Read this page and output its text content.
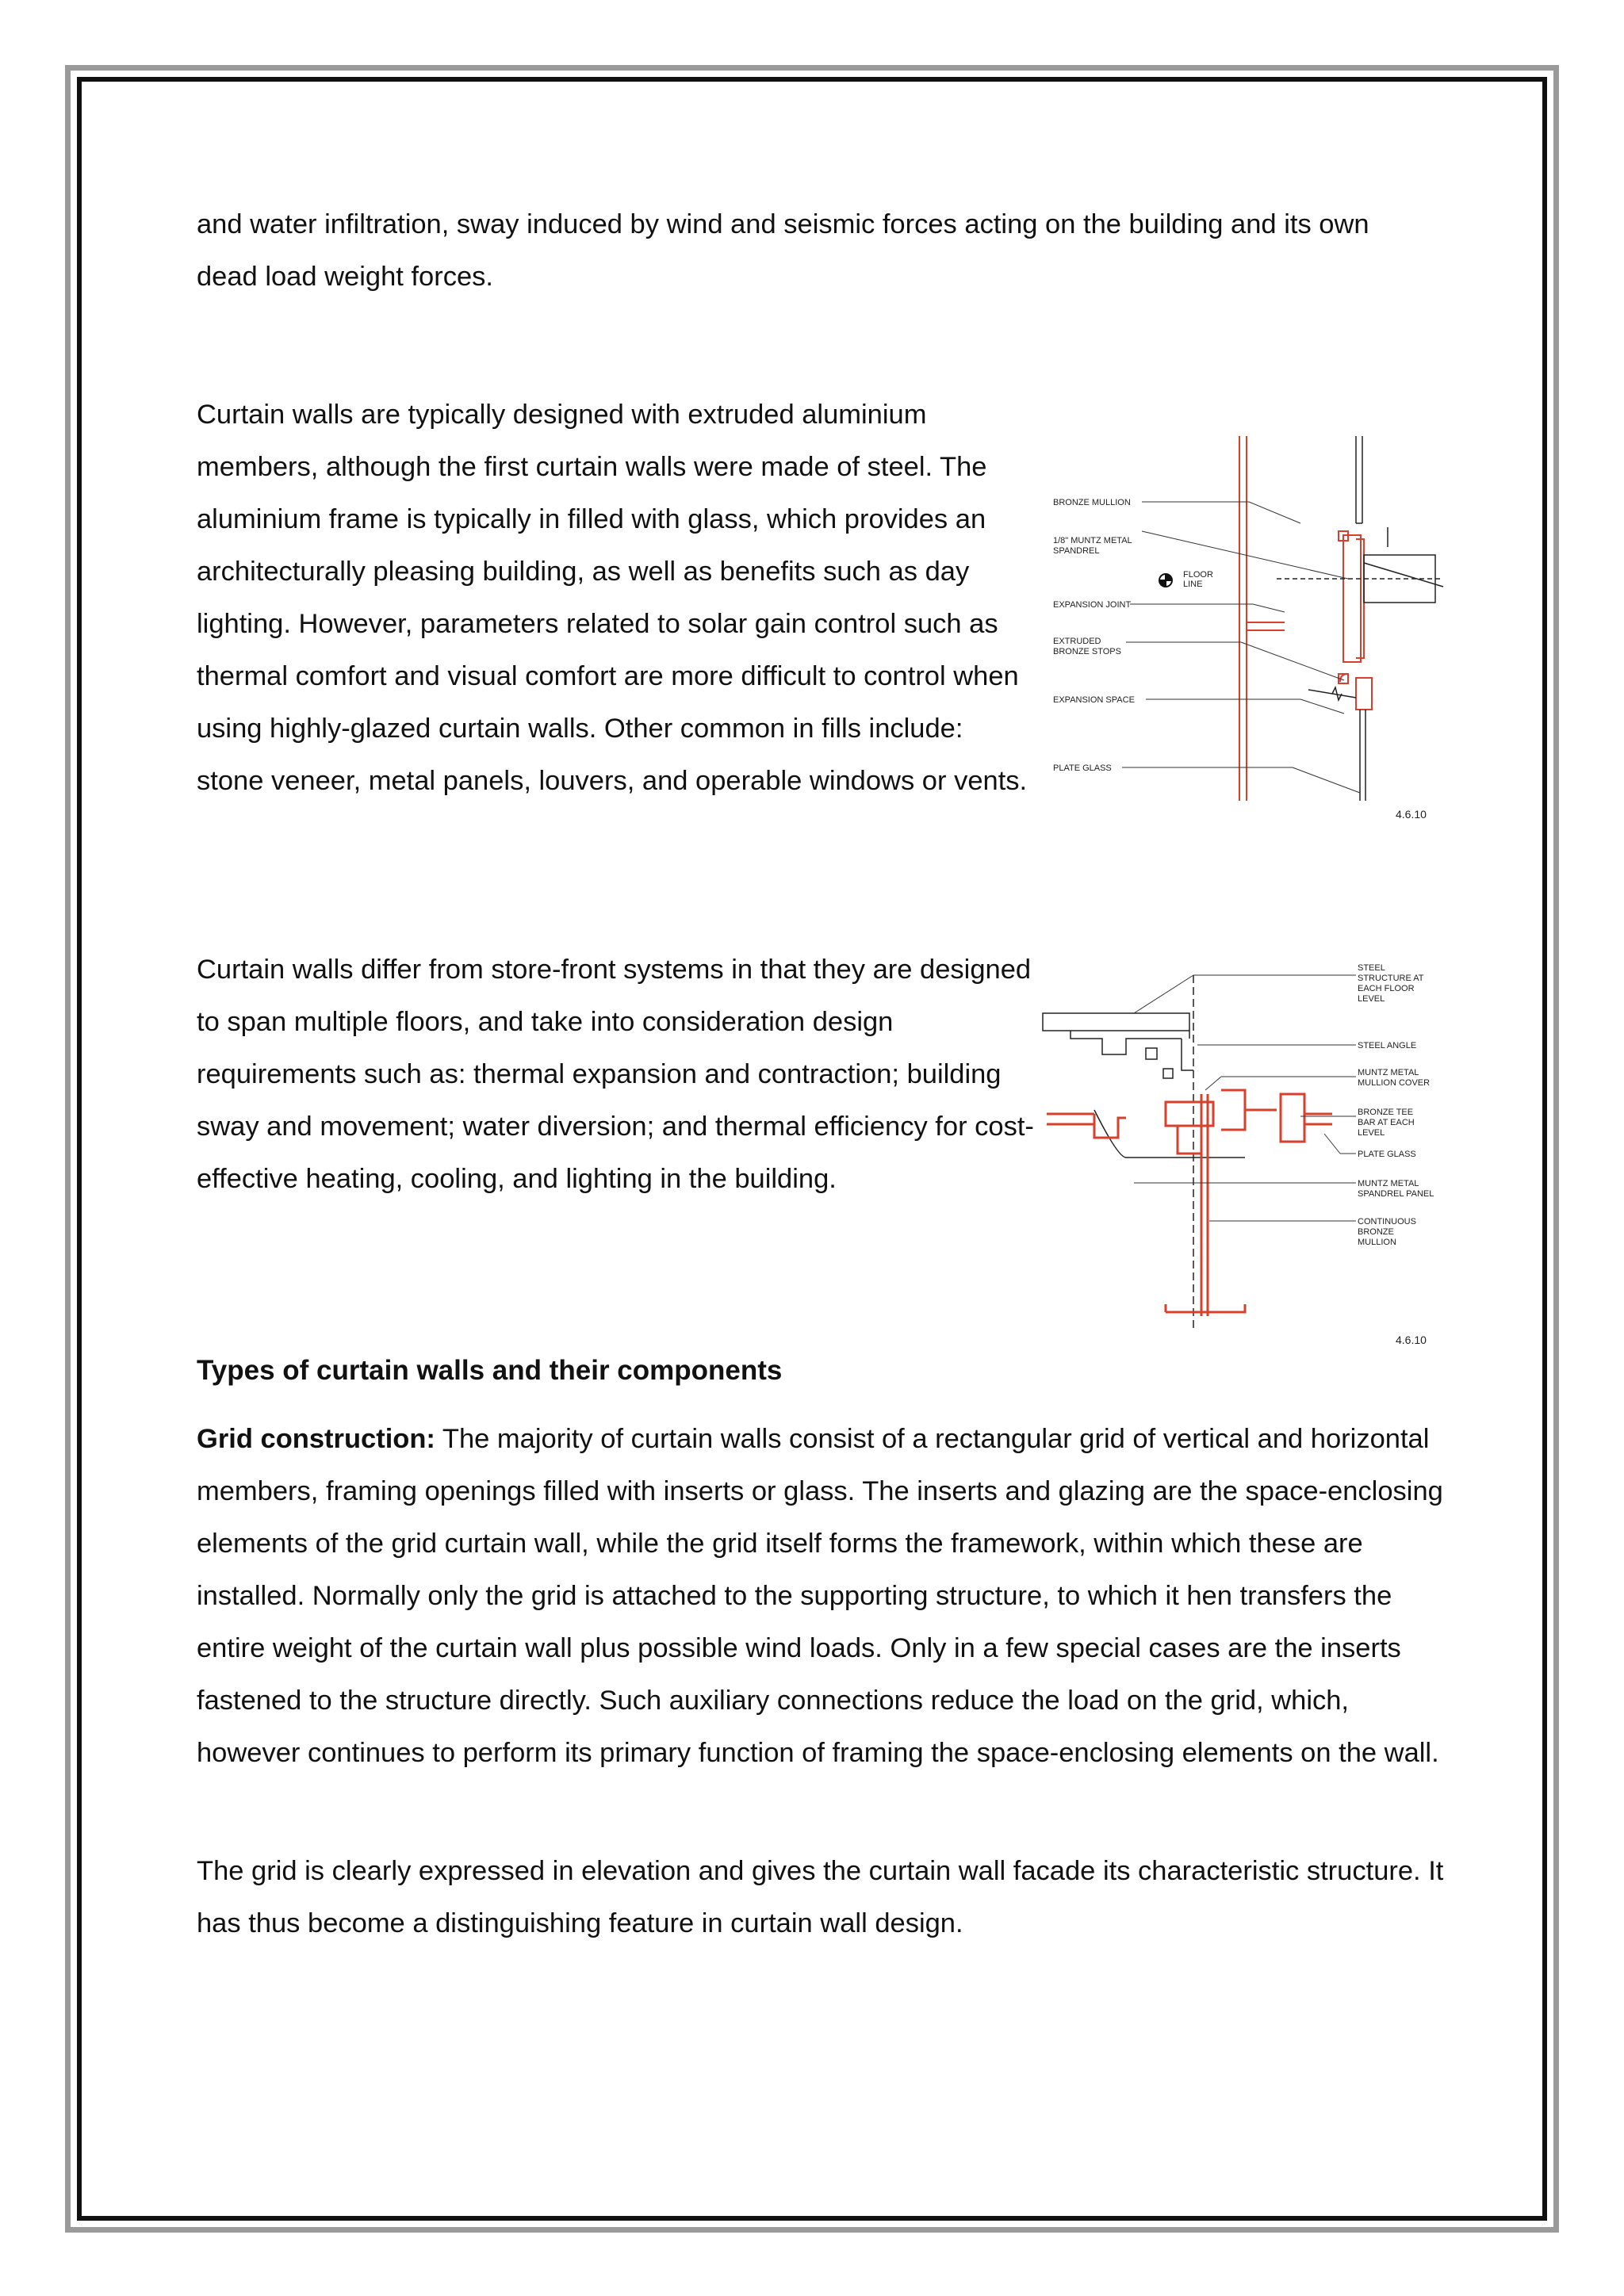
and water infiltration, sway induced by wind and seismic forces acting on the building and its own dead load weight forces.

Curtain walls are typically designed with extruded aluminium members, although the first curtain walls were made of steel. The aluminium frame is typically in filled with glass, which provides an architecturally pleasing building, as well as benefits such as day lighting. However, parameters related to solar gain control such as thermal comfort and visual comfort are more difficult to control when using highly-glazed curtain walls. Other common in fills include: stone veneer, metal panels, louvers, and operable windows or vents.

Curtain walls differ from store-front systems in that they are designed to span multiple floors, and take into consideration design requirements such as: thermal expansion and contraction; building sway and movement; water diversion; and thermal efficiency for cost-effective heating, cooling, and lighting in the building.

Types of curtain walls and their components

Grid construction: The majority of curtain walls consist of a rectangular grid of vertical and horizontal members, framing openings filled with inserts or glass. The inserts and glazing are the space-enclosing elements of the grid curtain wall, while the grid itself forms the framework, within which these are installed. Normally only the grid is attached to the supporting structure, to which it hen transfers the entire weight of the curtain wall plus possible wind loads. Only in a few special cases are the inserts fastened to the structure directly. Such auxiliary connections reduce the load on the grid, which, however continues to perform its primary function of framing the space-enclosing elements on the wall.

The grid is clearly expressed in elevation and gives the curtain wall facade its characteristic structure. It has thus become a distinguishing feature in curtain wall design.

BRONZE MULLION
1/8" MUNTZ METAL
SPANDREL
FLOOR
LINE
EXPANSION JOINT
EXTRUDED
BRONZE STOPS
EXPANSION SPACE
PLATE GLASS
4.6.10
STEEL
STRUCTURE AT
EACH FLOOR
LEVEL
STEEL ANGLE
MUNTZ METAL
MULLION COVER
BRONZE TEE
BAR AT EACH
LEVEL
PLATE GLASS
MUNTZ METAL
SPANDREL PANEL
CONTINUOUS
BRONZE
MULLION
4.6.10
